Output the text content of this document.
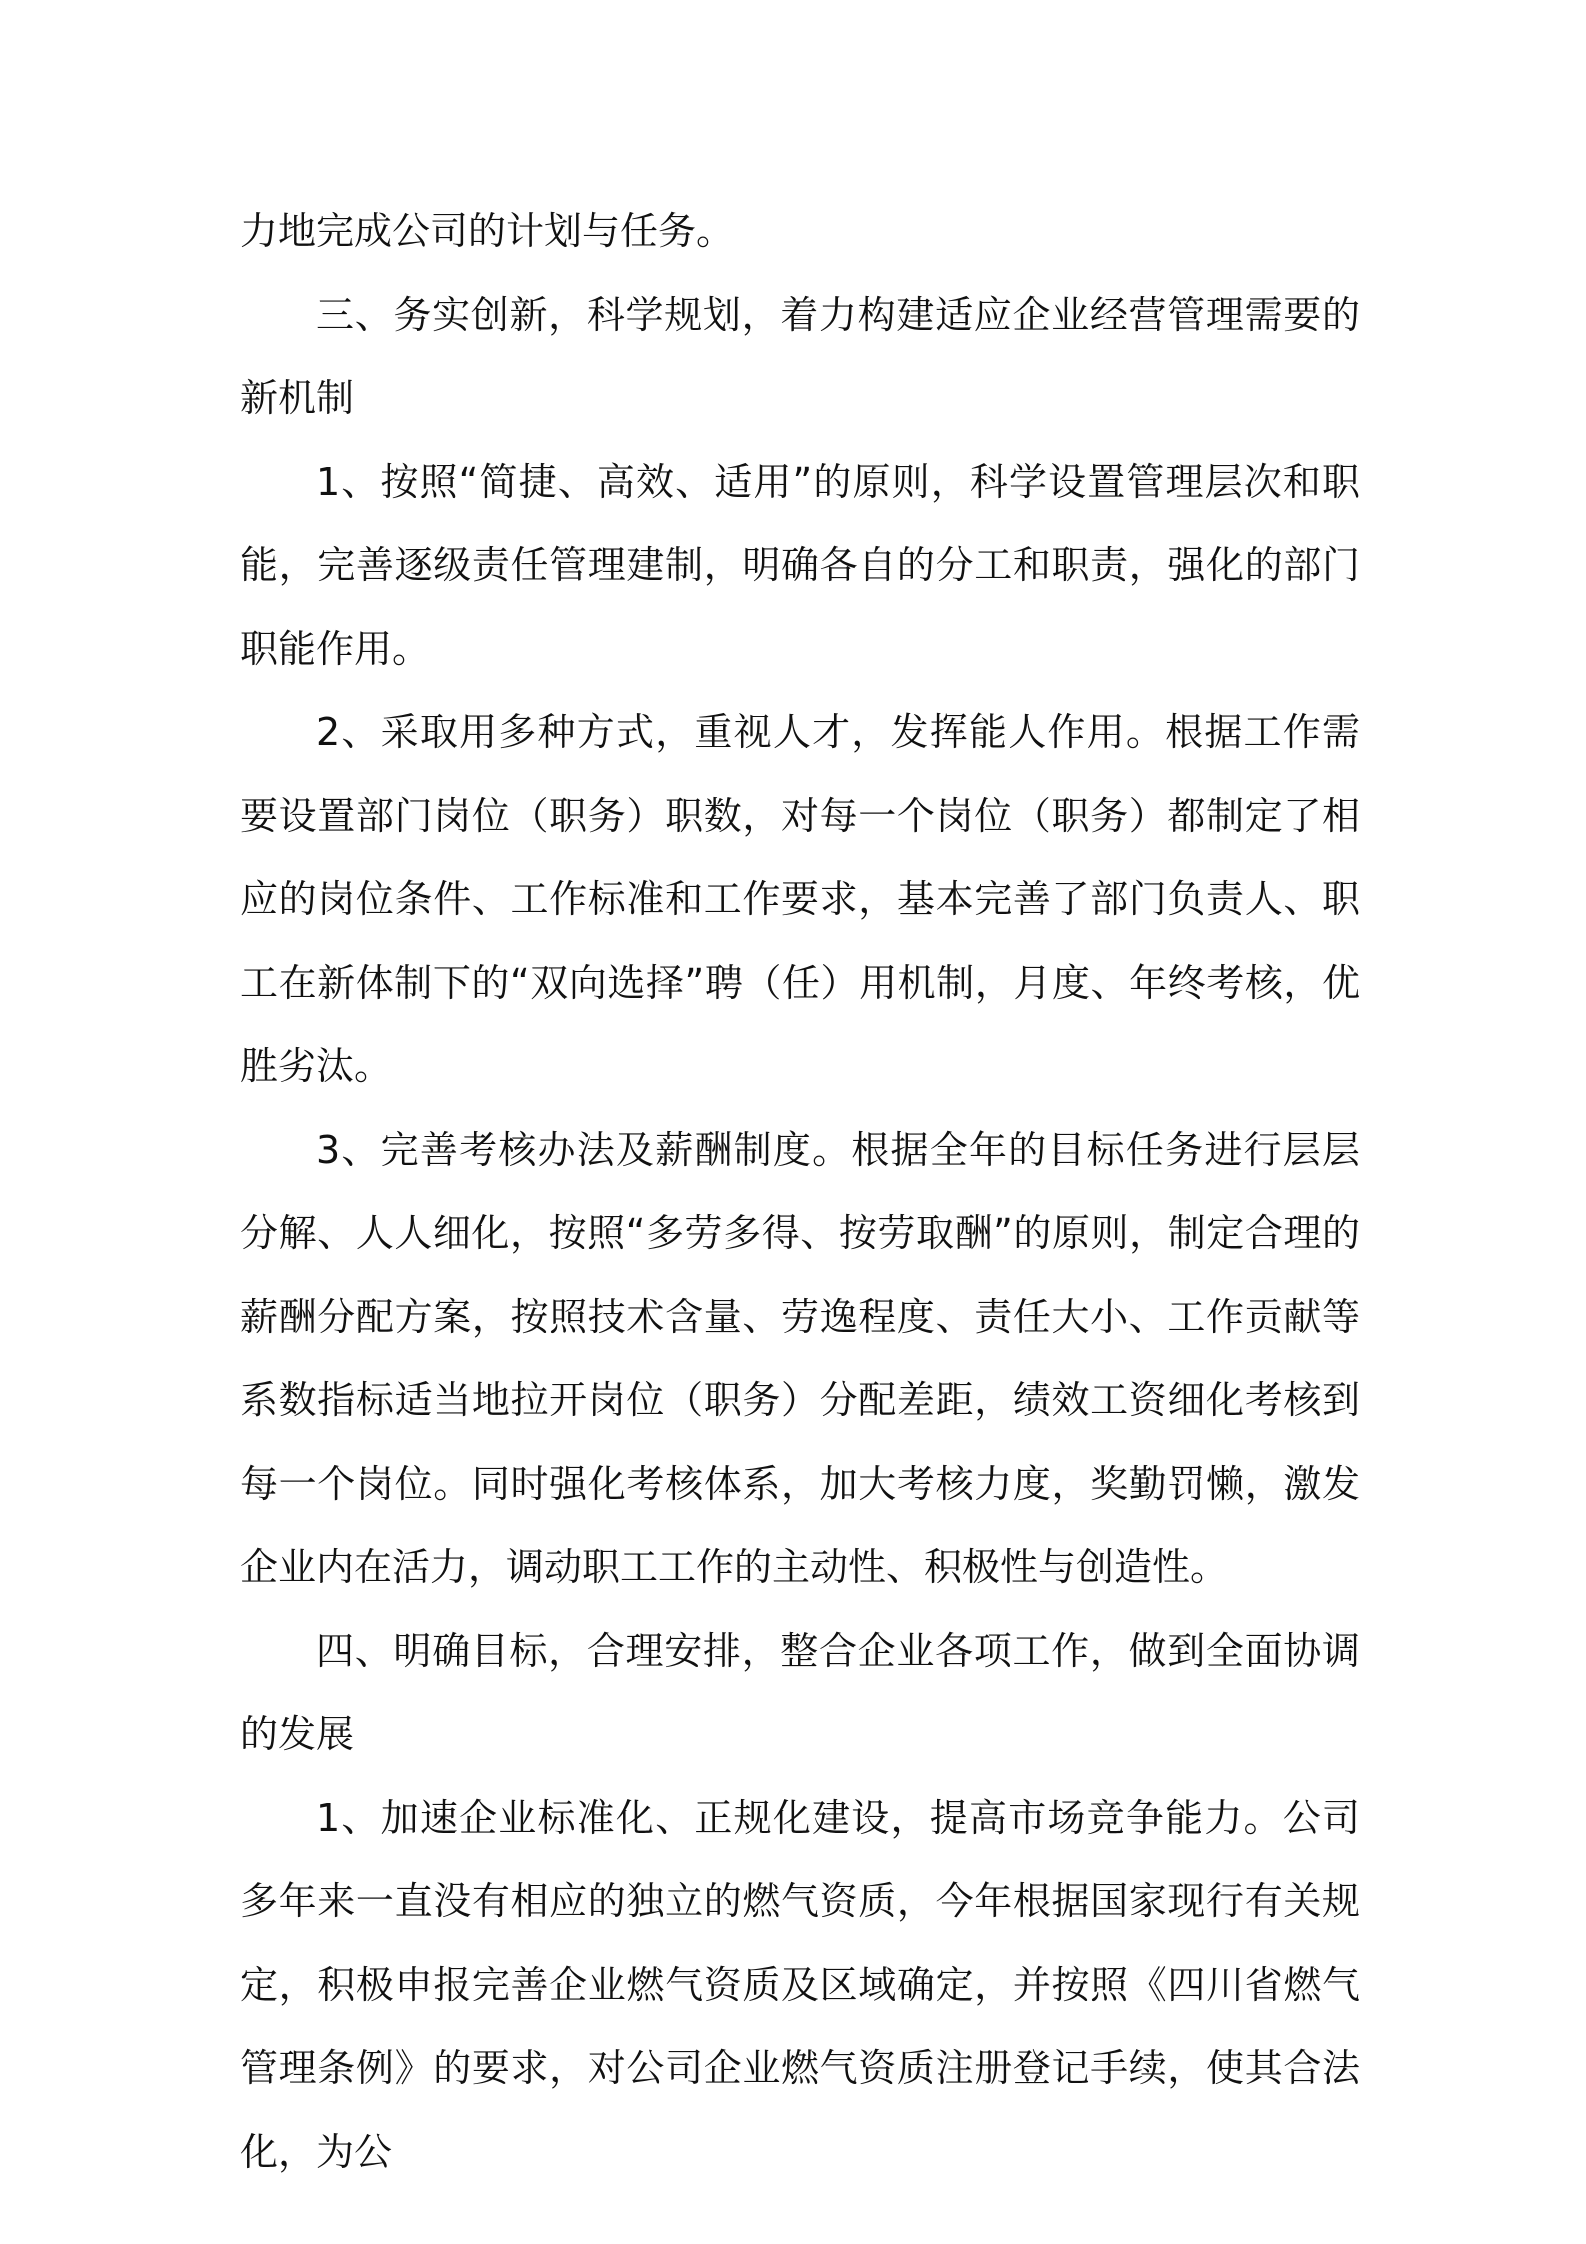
力地完成公司的计划与任务。

三、务实创新，科学规划，着力构建适应企业经营管理需要的新机制

1、按照“简捷、高效、适用”的原则，科学设置管理层次和职能，完善逐级责任管理建制，明确各自的分工和职责，强化的部门职能作用。

2、采取用多种方式，重视人才，发挥能人作用。根据工作需要设置部门岗位（职务）职数，对每一个岗位（职务）都制定了相应的岗位条件、工作标准和工作要求，基本完善了部门负责人、职工在新体制下的“双向选择”聘（任）用机制，月度、年终考核，优胜劣汰。

3、完善考核办法及薪酬制度。根据全年的目标任务进行层层分解、人人细化，按照“多劳多得、按劳取酬”的原则，制定合理的薪酬分配方案，按照技术含量、劳逸程度、责任大小、工作贡献等系数指标适当地拉开岗位（职务）分配差距，绩效工资细化考核到每一个岗位。同时强化考核体系，加大考核力度，奖勤罚懒，激发企业内在活力，调动职工工作的主动性、积极性与创造性。

四、明确目标，合理安排，整合企业各项工作，做到全面协调的发展

1、加速企业标准化、正规化建设，提高市场竞争能力。公司多年来一直没有相应的独立的燃气资质，今年根据国家现行有关规定，积极申报完善企业燃气资质及区域确定，并按照《四川省燃气管理条例》的要求，对公司企业燃气资质注册登记手续，使其合法化，为公
